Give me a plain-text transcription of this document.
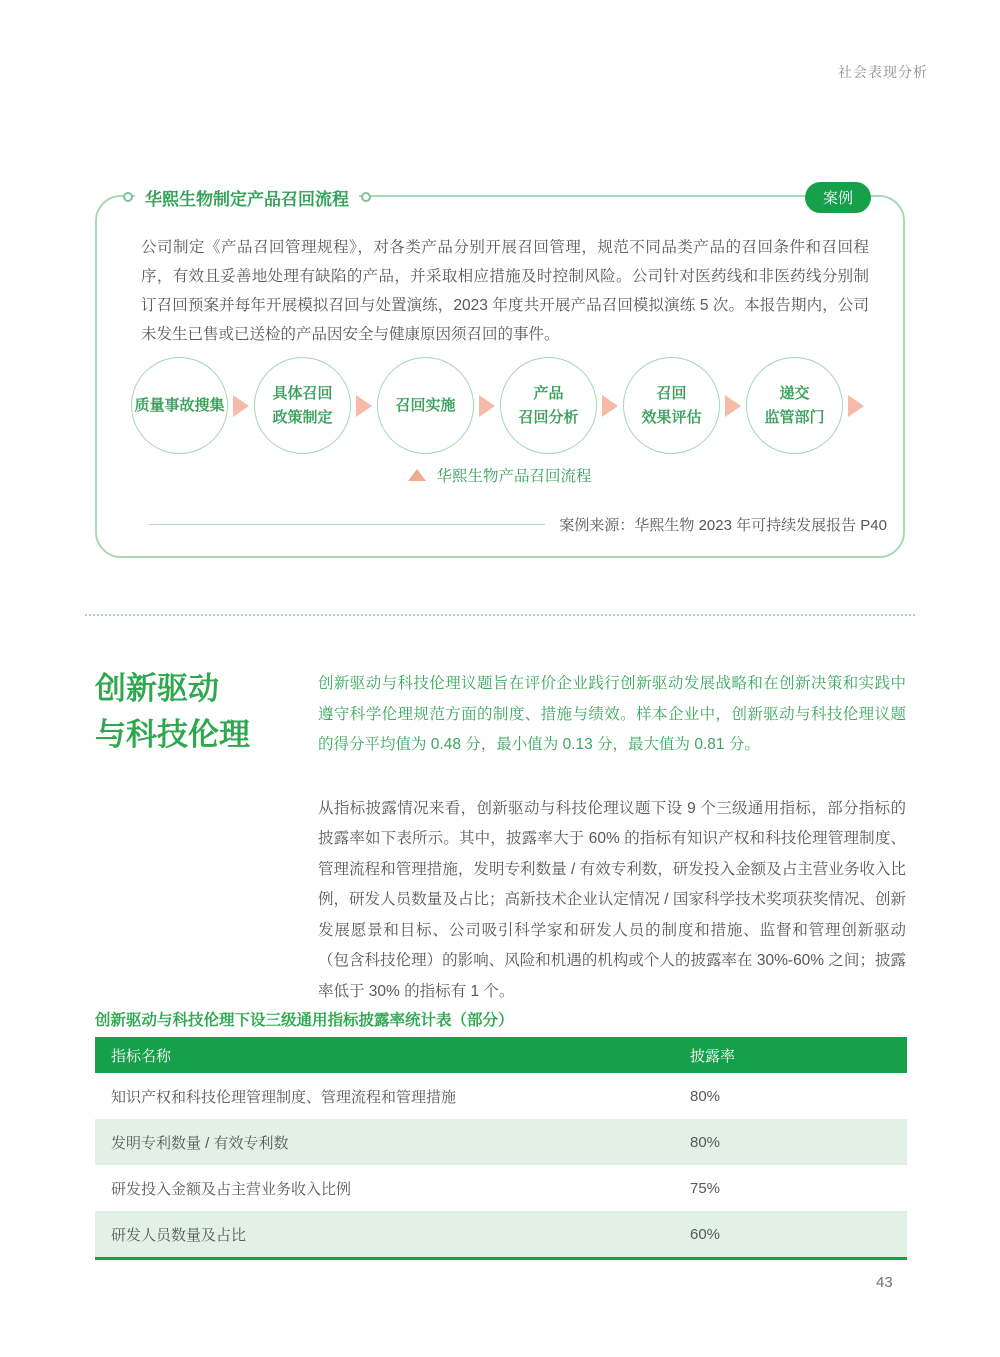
社会表现分析
华熙生物制定产品召回流程	案例

公司制定《产品召回管理规程》，对各类产品分别开展召回管理，规范不同品类产品的召回条件和召回程序，有效且妥善地处理有缺陷的产品，并采取相应措施及时控制风险。公司针对医药线和非医药线分别制订召回预案并每年开展模拟召回与处置演练，2023 年度共开展产品召回模拟演练 5 次。本报告期内，公司未发生已售或已送检的产品因安全与健康原因须召回的事件。

质量事故搜集
具体召回
政策制定
召回实施
产品
召回分析
召回
效果评估
递交
监管部门
华熙生物产品召回流程
案例来源：华熙生物 2023 年可持续发展报告 P40
创新驱动
与科技伦理

创新驱动与科技伦理议题旨在评价企业践行创新驱动发展战略和在创新决策和实践中遵守科学伦理规范方面的制度、措施与绩效。样本企业中，创新驱动与科技伦理议题的得分平均值为 0.48 分，最小值为 0.13 分，最大值为 0.81 分。

从指标披露情况来看，创新驱动与科技伦理议题下设 9 个三级通用指标，部分指标的披露率如下表所示。其中，披露率大于 60% 的指标有知识产权和科技伦理管理制度、管理流程和管理措施，发明专利数量 / 有效专利数，研发投入金额及占主营业务收入比例，研发人员数量及占比；高新技术企业认定情况 / 国家科学技术奖项获奖情况、创新发展愿景和目标、公司吸引科学家和研发人员的制度和措施、监督和管理创新驱动（包含科技伦理）的影响、风险和机遇的机构或个人的披露率在 30%-60% 之间；披露率低于 30% 的指标有 1 个。

创新驱动与科技伦理下设三级通用指标披露率统计表（部分）
指标名称	披露率
知识产权和科技伦理管理制度、管理流程和管理措施	80%
发明专利数量 / 有效专利数	80%
研发投入金额及占主营业务收入比例	75%
研发人员数量及占比	60%
43
